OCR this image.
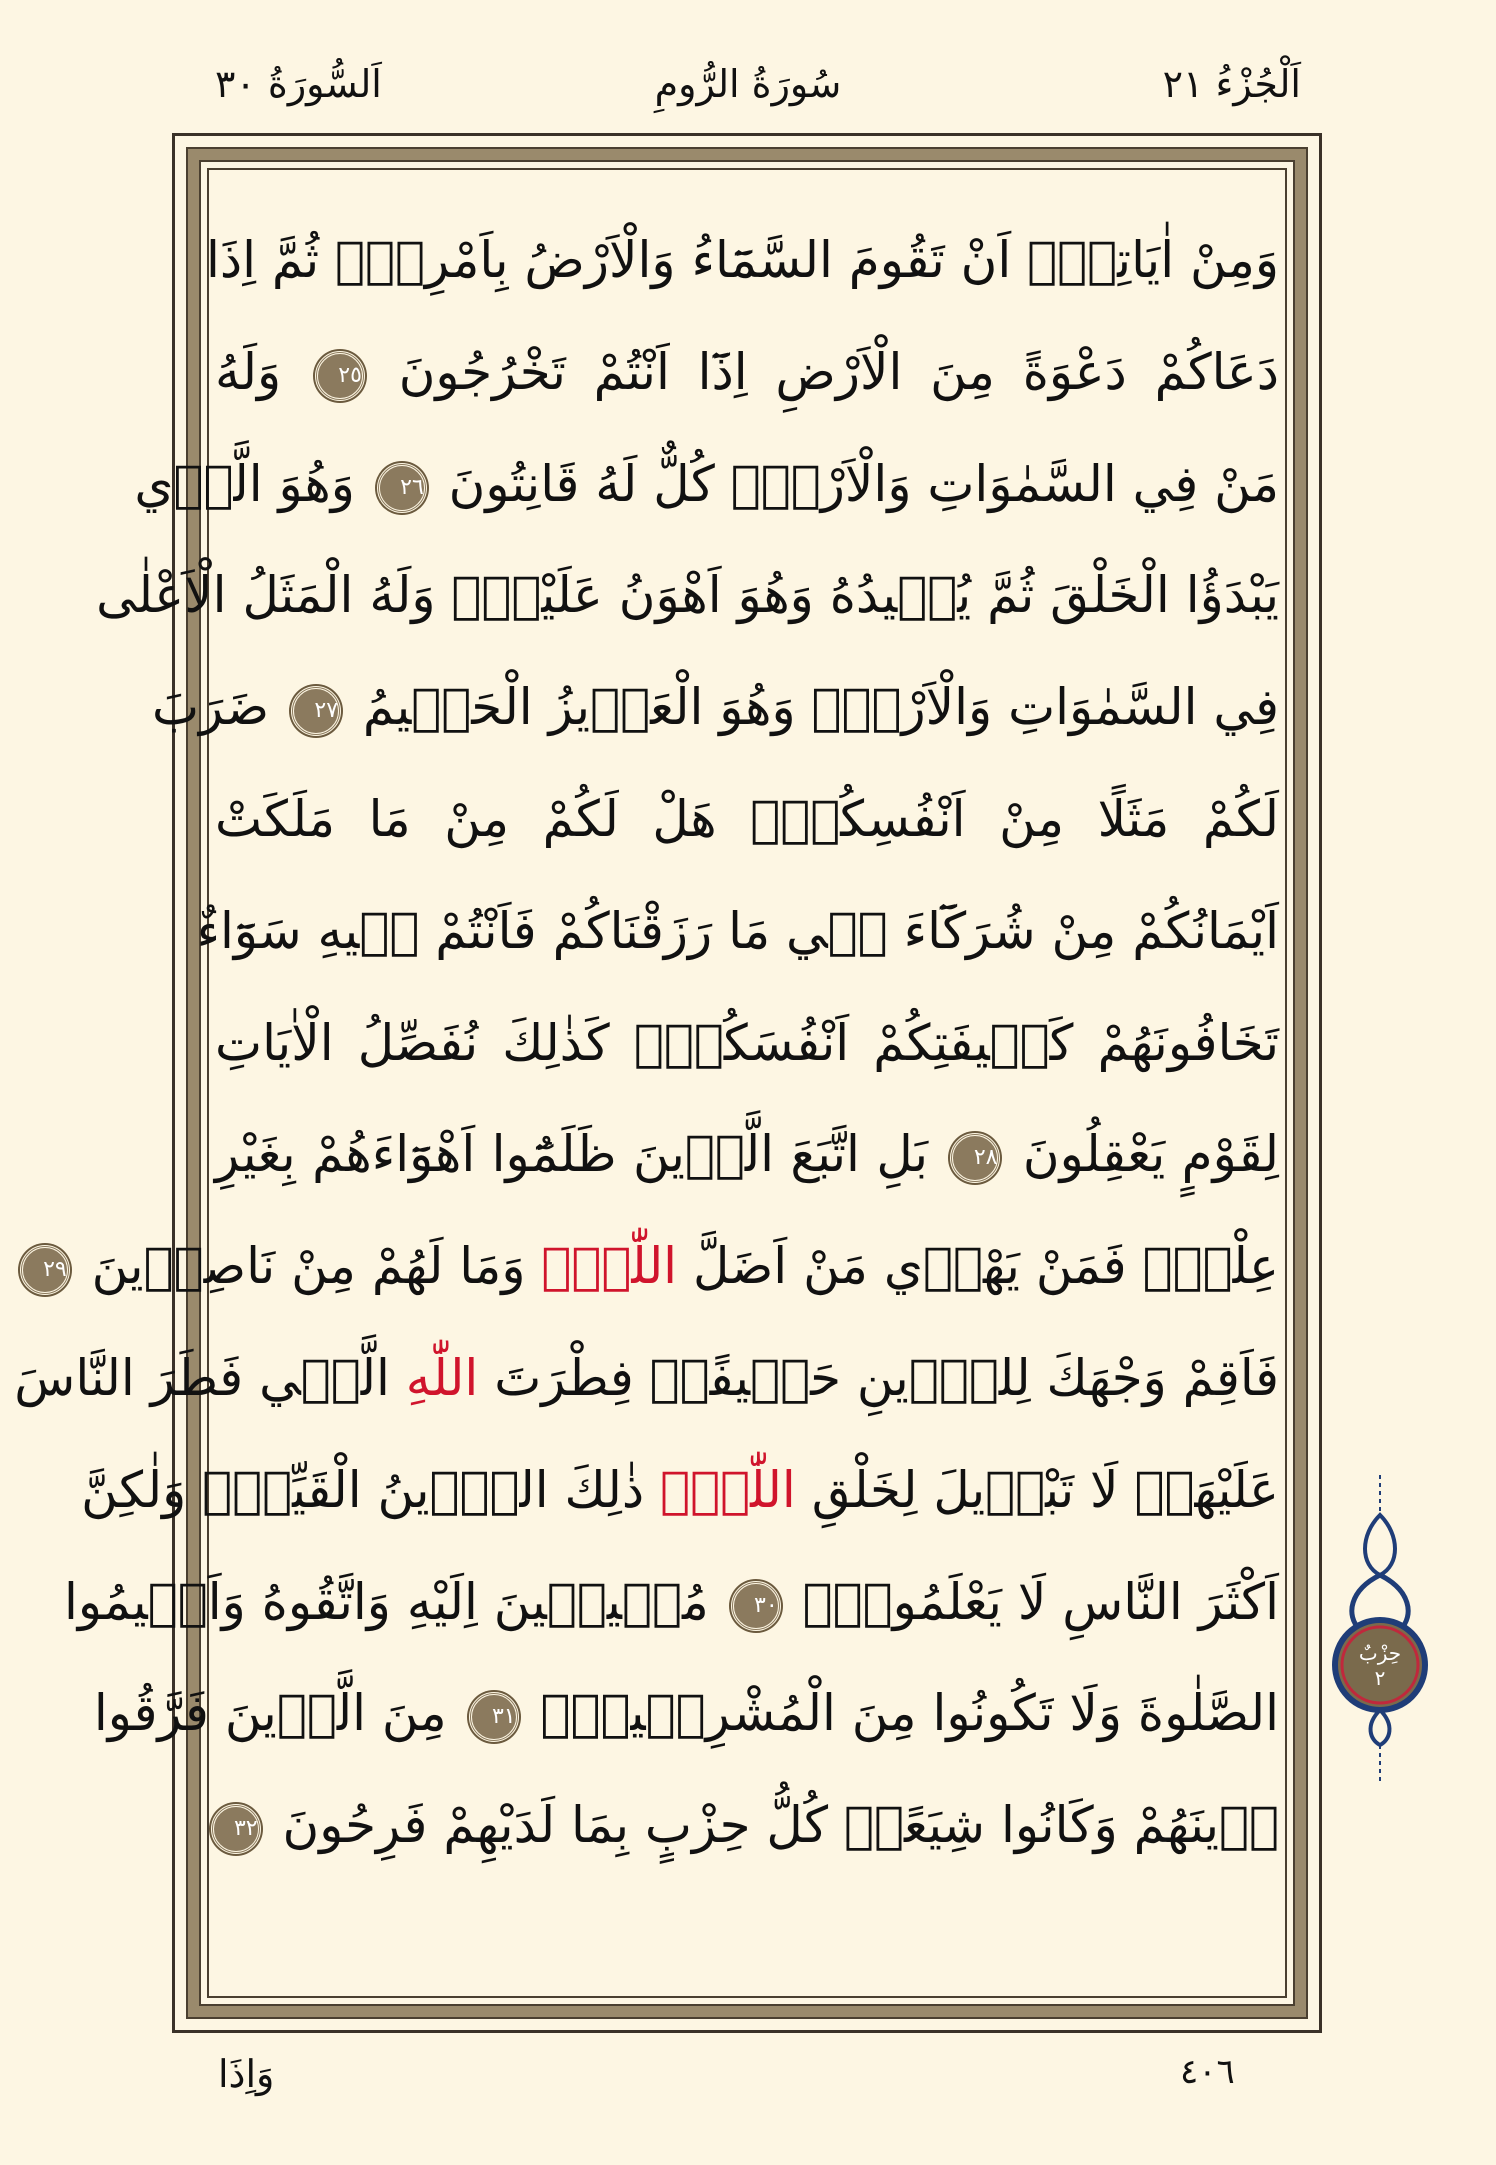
اَلْجُزْءُ ٢١
سُورَةُ الرُّومِ
اَلسُّورَةُ ٣٠
وَمِنْ اٰيَاتِهٖٓ اَنْ تَقُومَ السَّمَٓاءُ وَالْاَرْضُ بِاَمْرِهٖۜ ثُمَّ اِذَا
دَعَاكُمْ دَعْوَةً مِنَ الْاَرْضِ اِذَٓا اَنْتُمْ تَخْرُجُونَ ٢٥ وَلَهُ
مَنْ فِي السَّمٰوَاتِ وَالْاَرْضِۜ كُلٌّ لَهُ قَانِتُونَ ٢٦ وَهُوَ الَّذ۪ي
يَبْدَؤُا الْخَلْقَ ثُمَّ يُع۪يدُهُ وَهُوَ اَهْوَنُ عَلَيْهِۜ وَلَهُ الْمَثَلُ الْاَعْلٰى
فِي السَّمٰوَاتِ وَالْاَرْضِۚ وَهُوَ الْعَز۪يزُ الْحَك۪يمُ ٢٧ ضَرَبَ
لَكُمْ مَثَلًا مِنْ اَنْفُسِكُمْۜ هَلْ لَكُمْ مِنْ مَا مَلَكَتْ
اَيْمَانُكُمْ مِنْ شُرَكَٓاءَ ف۪ي مَا رَزَقْنَاكُمْ فَاَنْتُمْ ف۪يهِ سَوَٓاءٌ
تَخَافُونَهُمْ كَخ۪يفَتِكُمْ اَنْفُسَكُمْۜ كَذٰلِكَ نُفَصِّلُ الْاٰيَاتِ
لِقَوْمٍ يَعْقِلُونَ ٢٨ بَلِ اتَّبَعَ الَّذ۪ينَ ظَلَمُٓوا اَهْوَٓاءَهُمْ بِغَيْرِ
عِلْمٍۚ فَمَنْ يَهْد۪ي مَنْ اَضَلَّ اللّٰهُۜ وَمَا لَهُمْ مِنْ نَاصِر۪ينَ ٢٩
فَاَقِمْ وَجْهَكَ لِلدّ۪ينِ حَن۪يفًاۜ فِطْرَتَ اللّٰهِ الَّت۪ي فَطَرَ النَّاسَ
عَلَيْهَاۜ لَا تَبْد۪يلَ لِخَلْقِ اللّٰهِۜ ذٰلِكَ الدّ۪ينُ الْقَيِّمُۙ وَلٰكِنَّ
اَكْثَرَ النَّاسِ لَا يَعْلَمُونَۙ ٣٠ مُن۪يب۪ينَ اِلَيْهِ وَاتَّقُوهُ وَاَق۪يمُوا
الصَّلٰوةَ وَلَا تَكُونُوا مِنَ الْمُشْرِك۪ينَۙ ٣١ مِنَ الَّذ۪ينَ فَرَّقُوا
د۪ينَهُمْ وَكَانُوا شِيَعًاۜ كُلُّ حِزْبٍ بِمَا لَدَيْهِمْ فَرِحُونَ ٣٢
حِزْبٌ
٢
٤٠٦
وَاِذَا
